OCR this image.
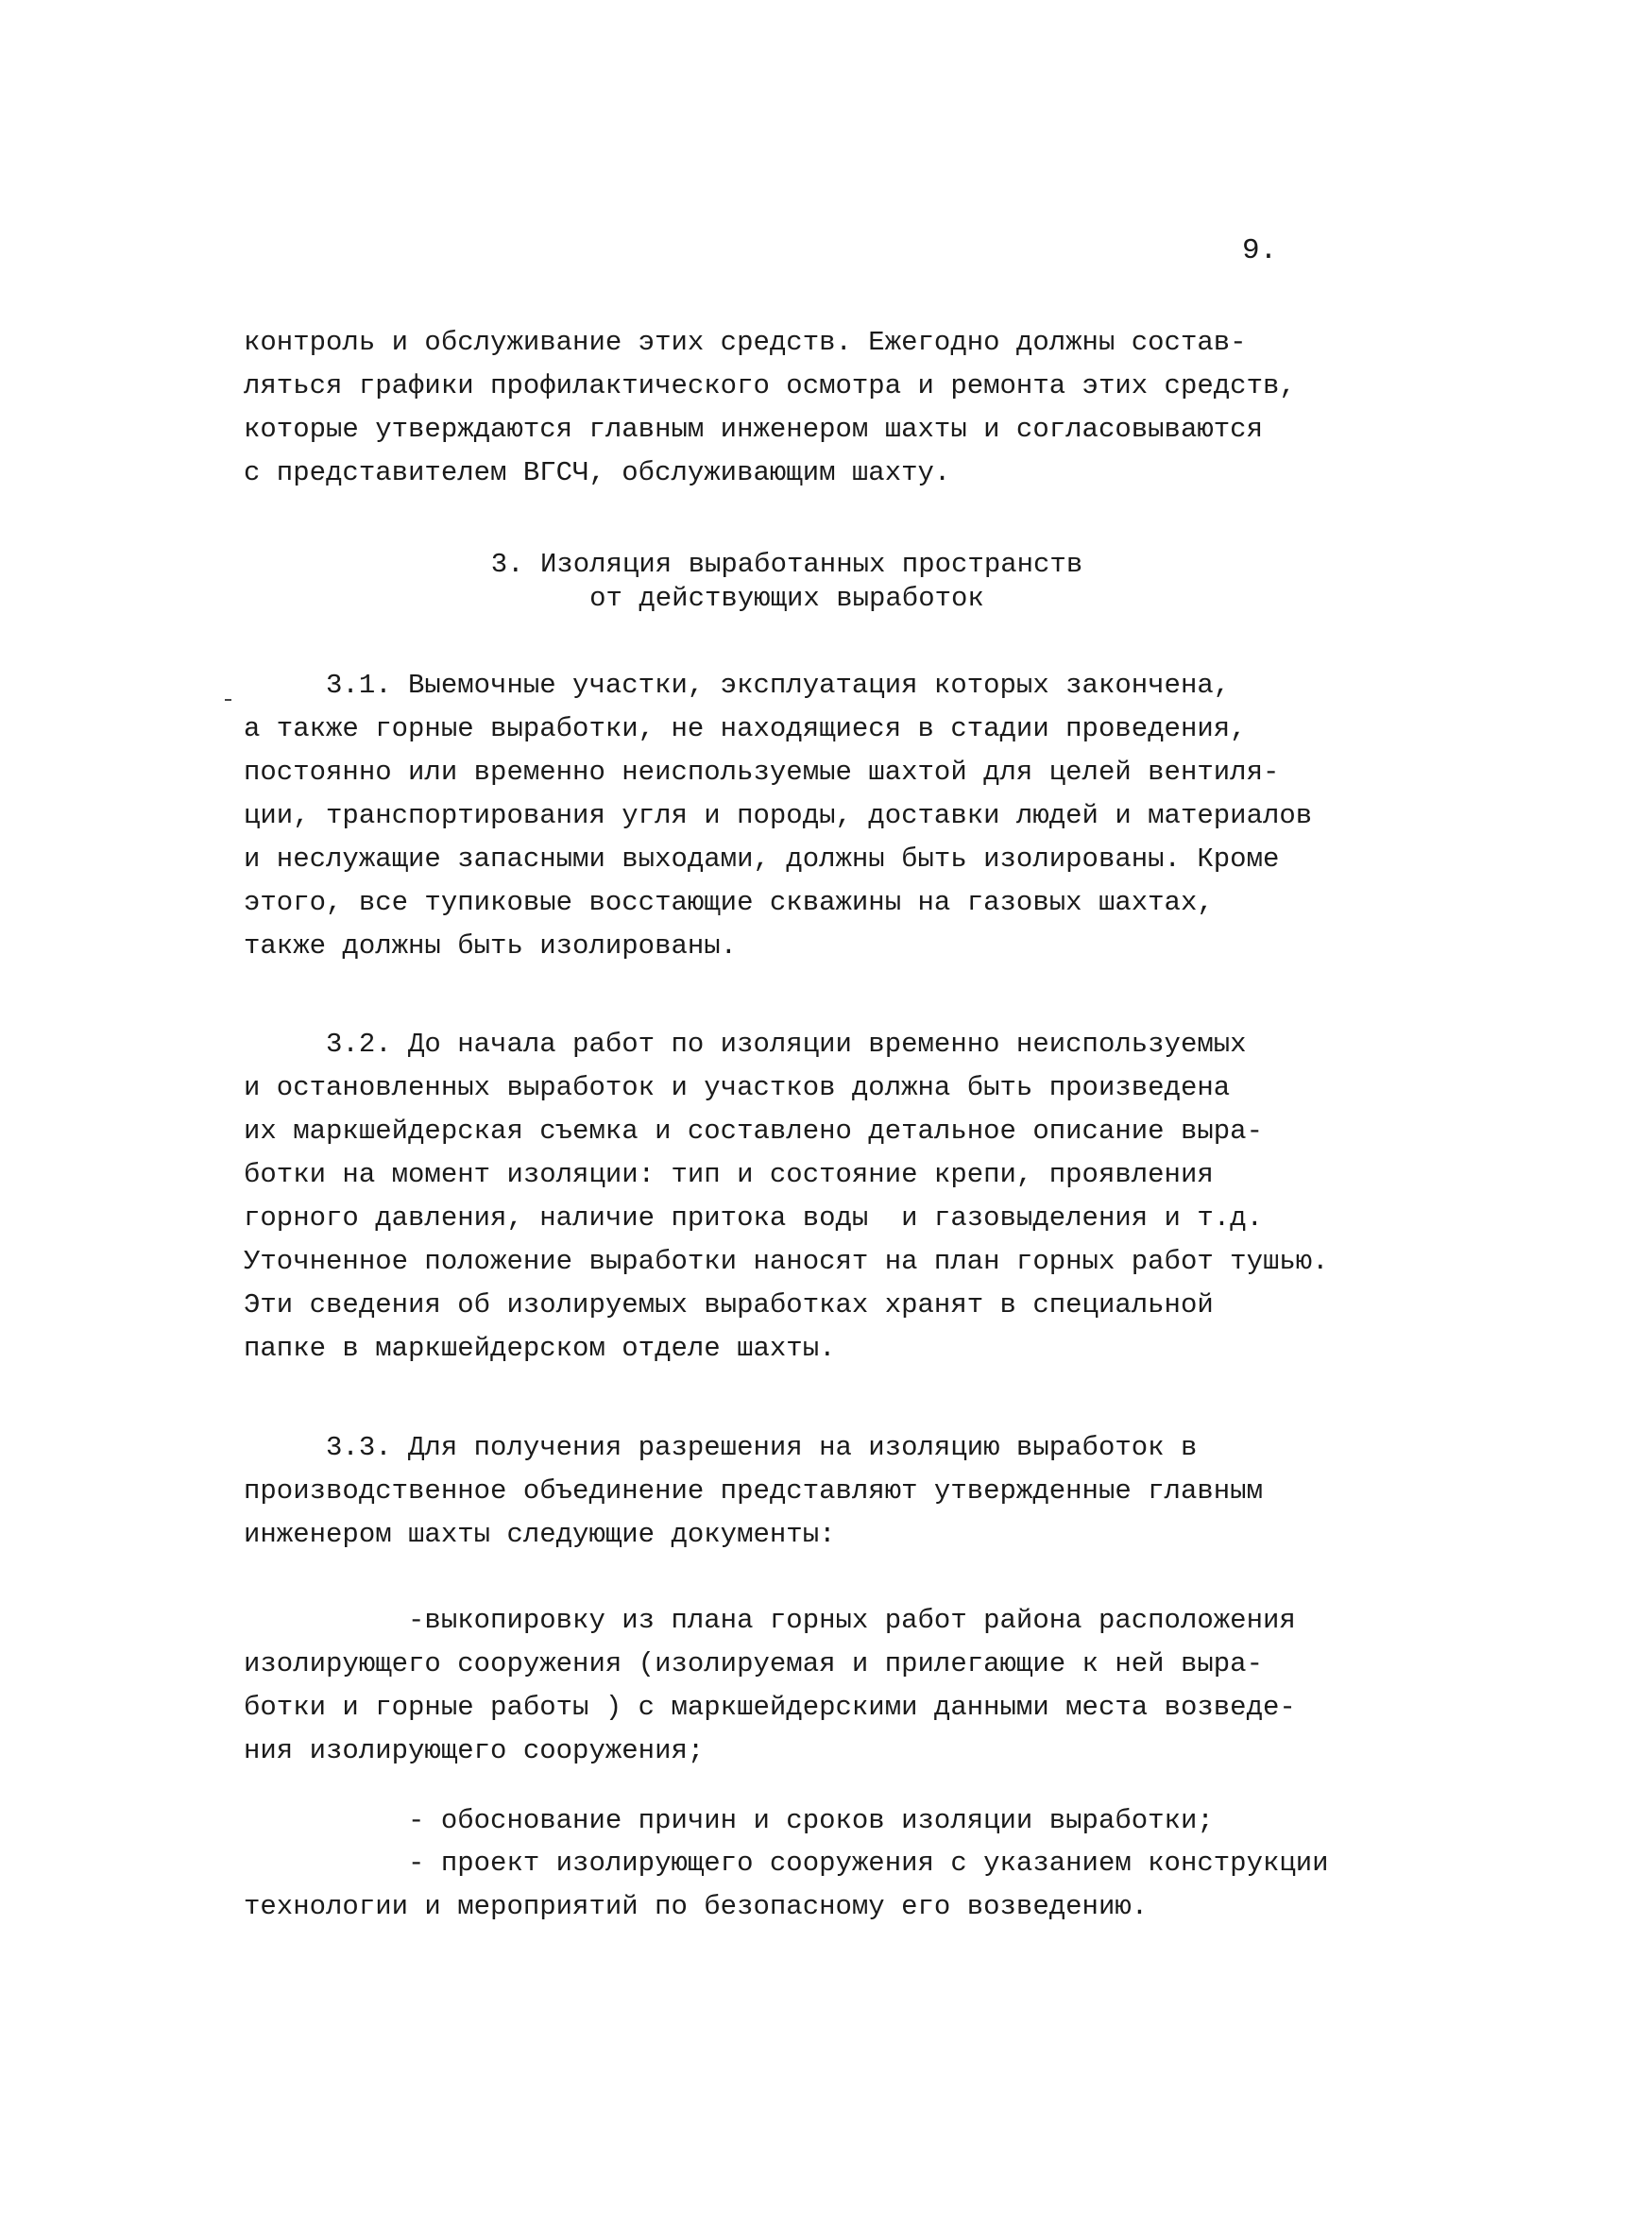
9.
контроль и обслуживание этих средств. Ежегодно должны состав-
ляться графики профилактического осмотра и ремонта этих средств,
которые утверждаются главным инженером шахты и согласовываются
с представителем ВГСЧ, обслуживающим шахту.
3. Изоляция выработанных пространств
от действующих выработок
3.1. Выемочные участки, эксплуатация которых закончена,
а также горные выработки, не находящиеся в стадии проведения,
постоянно или временно неиспользуемые шахтой для целей вентиля-
ции, транспортирования угля и породы, доставки людей и материалов
и неслужащие запасными выходами, должны быть изолированы. Кроме
этого, все тупиковые восстающие скважины на газовых шахтах,
также должны быть изолированы.
3.2. До начала работ по изоляции временно неиспользуемых
и остановленных выработок и участков должна быть произведена
их маркшейдерская съемка и составлено детальное описание выра-
ботки на момент изоляции: тип и состояние крепи, проявления
горного давления, наличие притока воды  и газовыделения и т.д.
Уточненное положение выработки наносят на план горных работ тушью.
Эти сведения об изолируемых выработках хранят в специальной
папке в маркшейдерском отделе шахты.
3.3. Для получения разрешения на изоляцию выработок в
производственное объединение представляют утвержденные главным
инженером шахты следующие документы:
-выкопировку из плана горных работ района расположения
изолирующего сооружения (изолируемая и прилегающие к ней выра-
ботки и горные работы ) с маркшейдерскими данными места возведе-
ния изолирующего сооружения;
- обоснование причин и сроков изоляции выработки;
- проект изолирующего сооружения с указанием конструкции
технологии и мероприятий по безопасному его возведению.
